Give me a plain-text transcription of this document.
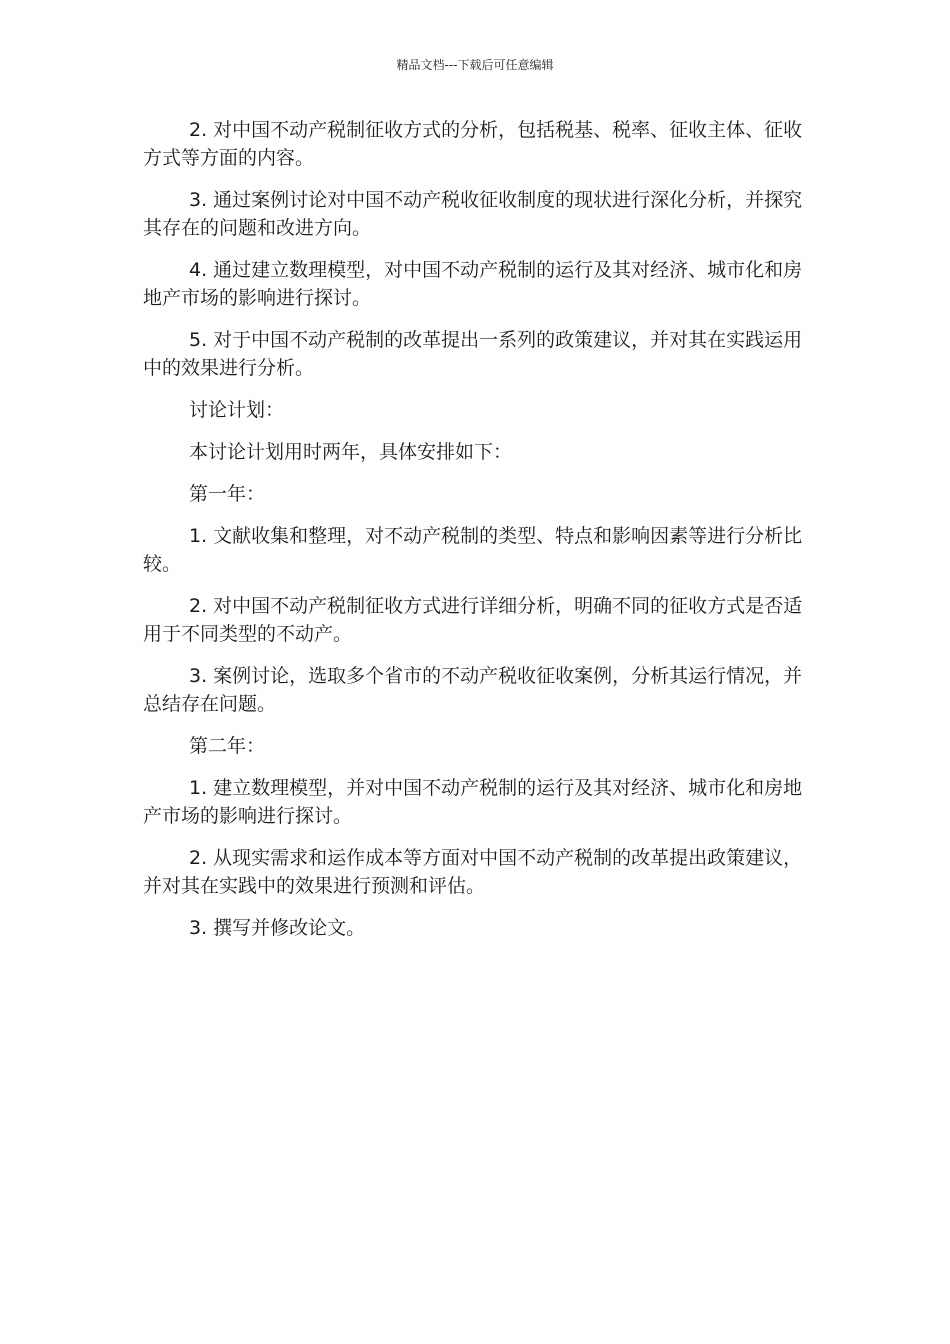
精品文档---下载后可任意编辑

2. 对中国不动产税制征收方式的分析，包括税基、税率、征收主体、征收方式等方面的内容。

3. 通过案例讨论对中国不动产税收征收制度的现状进行深化分析，并探究其存在的问题和改进方向。

4. 通过建立数理模型，对中国不动产税制的运行及其对经济、城市化和房地产市场的影响进行探讨。

5. 对于中国不动产税制的改革提出一系列的政策建议，并对其在实践运用中的效果进行分析。

讨论计划：

本讨论计划用时两年，具体安排如下：

第一年：

1. 文献收集和整理，对不动产税制的类型、特点和影响因素等进行分析比较。

2. 对中国不动产税制征收方式进行详细分析，明确不同的征收方式是否适用于不同类型的不动产。

3. 案例讨论，选取多个省市的不动产税收征收案例，分析其运行情况，并总结存在问题。

第二年：

1. 建立数理模型，并对中国不动产税制的运行及其对经济、城市化和房地产市场的影响进行探讨。

2. 从现实需求和运作成本等方面对中国不动产税制的改革提出政策建议，并对其在实践中的效果进行预测和评估。

3. 撰写并修改论文。
